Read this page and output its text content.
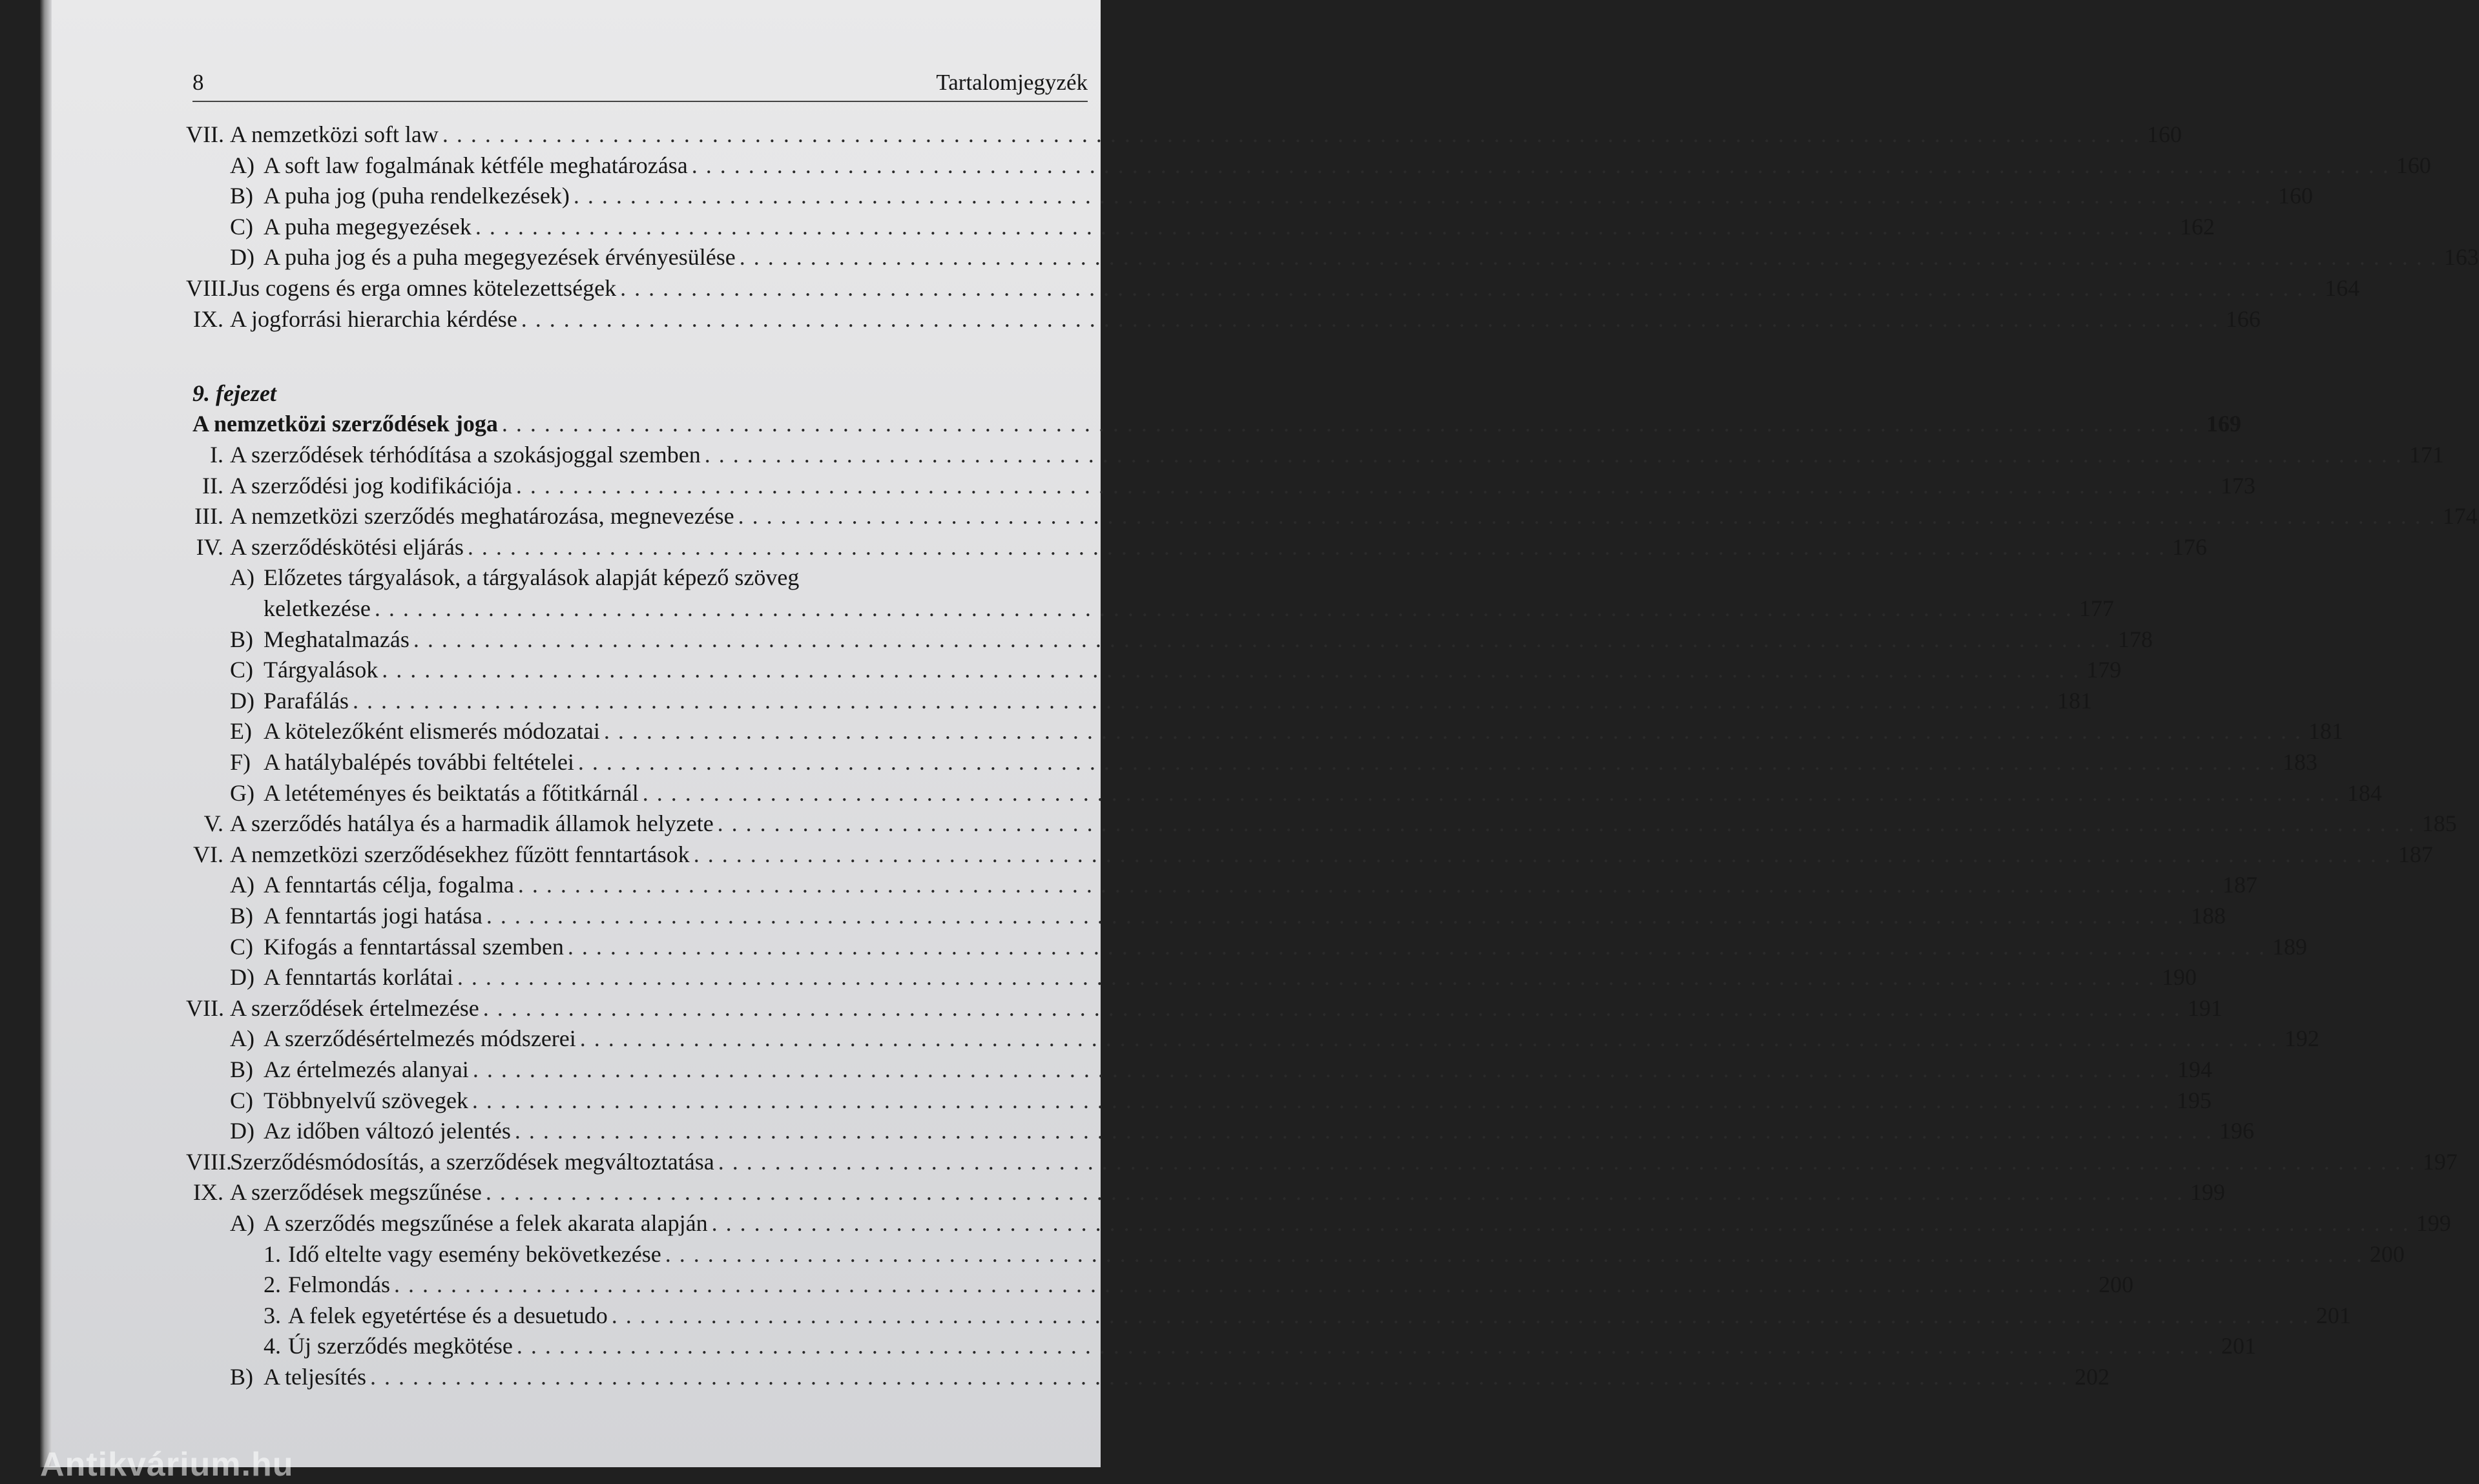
8	Tartalomjegyzék
VII. A nemzetközi soft law . . . . . . . . . . . . . . . . . . . . . . . . . . . . . . . . . . . . . . . . . . . . . . . . . . . . . . . . . . . . . . . . . . . . . . . . . . . . . . . . . . . . . . . . . . . . . . . . . . . . . . . . . . . . . . . . . . . . . . . . 160
A) A soft law fogalmának kétféle meghatározása . . . . . . . . . . . . . . . . . . . . . . . . . . . . . . . . . . . . . . . . . . . . . . . . . . . . . . . . . . . . . . . . . . . . . . . . . . . . . . . . . . . . . . . . . . . . . . . . . . . . . . . . . . . . . . . . . . . . . . . . 160
B) A puha jog (puha rendelkezések) . . . . . . . . . . . . . . . . . . . . . . . . . . . . . . . . . . . . . . . . . . . . . . . . . . . . . . . . . . . . . . . . . . . . . . . . . . . . . . . . . . . . . . . . . . . . . . . . . . . . . . . . . . . . . . . . . . . . . . . . 160
C) A puha megegyezések . . . . . . . . . . . . . . . . . . . . . . . . . . . . . . . . . . . . . . . . . . . . . . . . . . . . . . . . . . . . . . . . . . . . . . . . . . . . . . . . . . . . . . . . . . . . . . . . . . . . . . . . . . . . . . . . . . . . . . . . 162
D) A puha jog és a puha megegyezések érvényesülése . . . . . . . . . . . . . . . . . . . . . . . . . . . . . . . . . . . . . . . . . . . . . . . . . . . . . . . . . . . . . . . . . . . . . . . . . . . . . . . . . . . . . . . . . . . . . . . . . . . . . . . . . . . . . . . . . . . . . . . . 163
VIII.
Jus cogens és erga omnes kötelezettségek . . . . . . . . . . . . . . . . . . . . . . . . . . . . . . . . . . . . . . . . . . . . . . . . . . . . . . . . . . . . . . . . . . . . . . . . . . . . . . . . . . . . . . . . . . . . . . . . . . . . . . . . . . . . . . . . . . . . . . . . 164
IX. A jogforrási hierarchia kérdése . . . . . . . . . . . . . . . . . . . . . . . . . . . . . . . . . . . . . . . . . . . . . . . . . . . . . . . . . . . . . . . . . . . . . . . . . . . . . . . . . . . . . . . . . . . . . . . . . . . . . . . . . . . . . . . . . . . . . . . . 166
9. fejezet
A nemzetközi szerződések joga . . . . . . . . . . . . . . . . . . . . . . . . . . . . . . . . . . . . . . . . . . . . . . . . . . . . . . . . . . . . . . . . . . . . . . . . . . . . . . . . . . . . . . . . . . . . . . . . . . . . . . . . . . . . . . . . . . . . . . . . 169
I. A szerződések térhódítása a szokásjoggal szemben . . . . . . . . . . . . . . . . . . . . . . . . . . . . . . . . . . . . . . . . . . . . . . . . . . . . . . . . . . . . . . . . . . . . . . . . . . . . . . . . . . . . . . . . . . . . . . . . . . . . . . . . . . . . . . . . . . . . . . . . 171
II. A szerződési jog kodifikációja . . . . . . . . . . . . . . . . . . . . . . . . . . . . . . . . . . . . . . . . . . . . . . . . . . . . . . . . . . . . . . . . . . . . . . . . . . . . . . . . . . . . . . . . . . . . . . . . . . . . . . . . . . . . . . . . . . . . . . . . 173
III. A nemzetközi szerződés meghatározása, megnevezése . . . . . . . . . . . . . . . . . . . . . . . . . . . . . . . . . . . . . . . . . . . . . . . . . . . . . . . . . . . . . . . . . . . . . . . . . . . . . . . . . . . . . . . . . . . . . . . . . . . . . . . . . . . . . . . . . . . . . . . . 174
IV. A szerződéskötési eljárás . . . . . . . . . . . . . . . . . . . . . . . . . . . . . . . . . . . . . . . . . . . . . . . . . . . . . . . . . . . . . . . . . . . . . . . . . . . . . . . . . . . . . . . . . . . . . . . . . . . . . . . . . . . . . . . . . . . . . . . . 176
A) Előzetes tárgyalások, a tárgyalások alapját képező szöveg
keletkezése . . . . . . . . . . . . . . . . . . . . . . . . . . . . . . . . . . . . . . . . . . . . . . . . . . . . . . . . . . . . . . . . . . . . . . . . . . . . . . . . . . . . . . . . . . . . . . . . . . . . . . . . . . . . . . . . . . . . . . . . 177
B) Meghatalmazás . . . . . . . . . . . . . . . . . . . . . . . . . . . . . . . . . . . . . . . . . . . . . . . . . . . . . . . . . . . . . . . . . . . . . . . . . . . . . . . . . . . . . . . . . . . . . . . . . . . . . . . . . . . . . . . . . . . . . . . . 178
C) Tárgyalások . . . . . . . . . . . . . . . . . . . . . . . . . . . . . . . . . . . . . . . . . . . . . . . . . . . . . . . . . . . . . . . . . . . . . . . . . . . . . . . . . . . . . . . . . . . . . . . . . . . . . . . . . . . . . . . . . . . . . . . . 179
D) Parafálás . . . . . . . . . . . . . . . . . . . . . . . . . . . . . . . . . . . . . . . . . . . . . . . . . . . . . . . . . . . . . . . . . . . . . . . . . . . . . . . . . . . . . . . . . . . . . . . . . . . . . . . . . . . . . . . . . . . . . . . . 181
E) A kötelezőként elismerés módozatai . . . . . . . . . . . . . . . . . . . . . . . . . . . . . . . . . . . . . . . . . . . . . . . . . . . . . . . . . . . . . . . . . . . . . . . . . . . . . . . . . . . . . . . . . . . . . . . . . . . . . . . . . . . . . . . . . . . . . . . . 181
F) A hatálybalépés további feltételei . . . . . . . . . . . . . . . . . . . . . . . . . . . . . . . . . . . . . . . . . . . . . . . . . . . . . . . . . . . . . . . . . . . . . . . . . . . . . . . . . . . . . . . . . . . . . . . . . . . . . . . . . . . . . . . . . . . . . . . . 183
G) A letéteményes és beiktatás a főtitkárnál . . . . . . . . . . . . . . . . . . . . . . . . . . . . . . . . . . . . . . . . . . . . . . . . . . . . . . . . . . . . . . . . . . . . . . . . . . . . . . . . . . . . . . . . . . . . . . . . . . . . . . . . . . . . . . . . . . . . . . . . 184
V. A szerződés hatálya és a harmadik államok helyzete . . . . . . . . . . . . . . . . . . . . . . . . . . . . . . . . . . . . . . . . . . . . . . . . . . . . . . . . . . . . . . . . . . . . . . . . . . . . . . . . . . . . . . . . . . . . . . . . . . . . . . . . . . . . . . . . . . . . . . . . 185
VI. A nemzetközi szerződésekhez fűzött fenntartások . . . . . . . . . . . . . . . . . . . . . . . . . . . . . . . . . . . . . . . . . . . . . . . . . . . . . . . . . . . . . . . . . . . . . . . . . . . . . . . . . . . . . . . . . . . . . . . . . . . . . . . . . . . . . . . . . . . . . . . . 187
A) A fenntartás célja, fogalma . . . . . . . . . . . . . . . . . . . . . . . . . . . . . . . . . . . . . . . . . . . . . . . . . . . . . . . . . . . . . . . . . . . . . . . . . . . . . . . . . . . . . . . . . . . . . . . . . . . . . . . . . . . . . . . . . . . . . . . . 187
B) A fenntartás jogi hatása . . . . . . . . . . . . . . . . . . . . . . . . . . . . . . . . . . . . . . . . . . . . . . . . . . . . . . . . . . . . . . . . . . . . . . . . . . . . . . . . . . . . . . . . . . . . . . . . . . . . . . . . . . . . . . . . . . . . . . . . 188
C) Kifogás a fenntartással szemben . . . . . . . . . . . . . . . . . . . . . . . . . . . . . . . . . . . . . . . . . . . . . . . . . . . . . . . . . . . . . . . . . . . . . . . . . . . . . . . . . . . . . . . . . . . . . . . . . . . . . . . . . . . . . . . . . . . . . . . . 189
D) A fenntartás korlátai . . . . . . . . . . . . . . . . . . . . . . . . . . . . . . . . . . . . . . . . . . . . . . . . . . . . . . . . . . . . . . . . . . . . . . . . . . . . . . . . . . . . . . . . . . . . . . . . . . . . . . . . . . . . . . . . . . . . . . . . 190
VII. A szerződések értelmezése . . . . . . . . . . . . . . . . . . . . . . . . . . . . . . . . . . . . . . . . . . . . . . . . . . . . . . . . . . . . . . . . . . . . . . . . . . . . . . . . . . . . . . . . . . . . . . . . . . . . . . . . . . . . . . . . . . . . . . . . 191
A) A szerződésértelmezés módszerei . . . . . . . . . . . . . . . . . . . . . . . . . . . . . . . . . . . . . . . . . . . . . . . . . . . . . . . . . . . . . . . . . . . . . . . . . . . . . . . . . . . . . . . . . . . . . . . . . . . . . . . . . . . . . . . . . . . . . . . . 192
B) Az értelmezés alanyai . . . . . . . . . . . . . . . . . . . . . . . . . . . . . . . . . . . . . . . . . . . . . . . . . . . . . . . . . . . . . . . . . . . . . . . . . . . . . . . . . . . . . . . . . . . . . . . . . . . . . . . . . . . . . . . . . . . . . . . . 194
C) Többnyelvű szövegek . . . . . . . . . . . . . . . . . . . . . . . . . . . . . . . . . . . . . . . . . . . . . . . . . . . . . . . . . . . . . . . . . . . . . . . . . . . . . . . . . . . . . . . . . . . . . . . . . . . . . . . . . . . . . . . . . . . . . . . . 195
D) Az időben változó jelentés . . . . . . . . . . . . . . . . . . . . . . . . . . . . . . . . . . . . . . . . . . . . . . . . . . . . . . . . . . . . . . . . . . . . . . . . . . . . . . . . . . . . . . . . . . . . . . . . . . . . . . . . . . . . . . . . . . . . . . . . 196
VIII.
Szerződésmódosítás, a szerződések megváltoztatása . . . . . . . . . . . . . . . . . . . . . . . . . . . . . . . . . . . . . . . . . . . . . . . . . . . . . . . . . . . . . . . . . . . . . . . . . . . . . . . . . . . . . . . . . . . . . . . . . . . . . . . . . . . . . . . . . . . . . . . . 197
IX. A szerződések megszűnése . . . . . . . . . . . . . . . . . . . . . . . . . . . . . . . . . . . . . . . . . . . . . . . . . . . . . . . . . . . . . . . . . . . . . . . . . . . . . . . . . . . . . . . . . . . . . . . . . . . . . . . . . . . . . . . . . . . . . . . . 199
A) A szerződés megszűnése a felek akarata alapján . . . . . . . . . . . . . . . . . . . . . . . . . . . . . . . . . . . . . . . . . . . . . . . . . . . . . . . . . . . . . . . . . . . . . . . . . . . . . . . . . . . . . . . . . . . . . . . . . . . . . . . . . . . . . . . . . . . . . . . . 199
1. Idő eltelte vagy esemény bekövetkezése . . . . . . . . . . . . . . . . . . . . . . . . . . . . . . . . . . . . . . . . . . . . . . . . . . . . . . . . . . . . . . . . . . . . . . . . . . . . . . . . . . . . . . . . . . . . . . . . . . . . . . . . . . . . . . . . . . . . . . . . 200
2. Felmondás . . . . . . . . . . . . . . . . . . . . . . . . . . . . . . . . . . . . . . . . . . . . . . . . . . . . . . . . . . . . . . . . . . . . . . . . . . . . . . . . . . . . . . . . . . . . . . . . . . . . . . . . . . . . . . . . . . . . . . . . 200
3. A felek egyetértése és a desuetudo . . . . . . . . . . . . . . . . . . . . . . . . . . . . . . . . . . . . . . . . . . . . . . . . . . . . . . . . . . . . . . . . . . . . . . . . . . . . . . . . . . . . . . . . . . . . . . . . . . . . . . . . . . . . . . . . . . . . . . . . 201
4. Új szerződés megkötése . . . . . . . . . . . . . . . . . . . . . . . . . . . . . . . . . . . . . . . . . . . . . . . . . . . . . . . . . . . . . . . . . . . . . . . . . . . . . . . . . . . . . . . . . . . . . . . . . . . . . . . . . . . . . . . . . . . . . . . . 201
B) A teljesítés . . . . . . . . . . . . . . . . . . . . . . . . . . . . . . . . . . . . . . . . . . . . . . . . . . . . . . . . . . . . . . . . . . . . . . . . . . . . . . . . . . . . . . . . . . . . . . . . . . . . . . . . . . . . . . . . . . . . . . . . 202
Antikvárium.hu
